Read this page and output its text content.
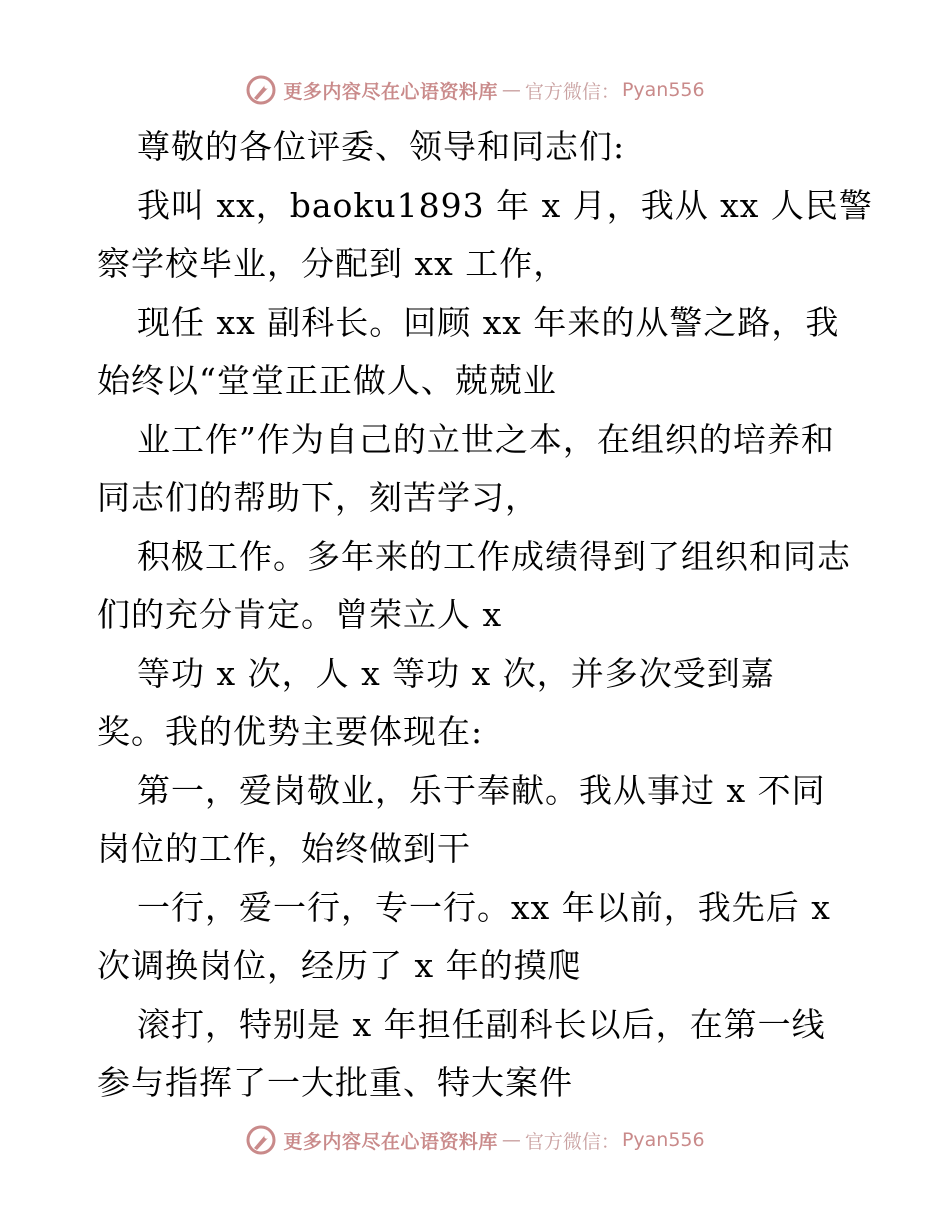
更多内容尽在心语资料库 — 官方微信： Pyan556
尊敬的各位评委、领导和同志们:
我叫 xx，baoku1893 年 x 月，我从 xx 人民警
察学校毕业，分配到 xx 工作，
现任 xx 副科长。回顾 xx 年来的从警之路，我
始终以“堂堂正正做人、兢兢业
业工作”作为自己的立世之本，在组织的培养和
同志们的帮助下，刻苦学习，
积极工作。多年来的工作成绩得到了组织和同志
们的充分肯定。曾荣立人 x
等功 x 次，人 x 等功 x 次，并多次受到嘉
奖。我的优势主要体现在:
第一，爱岗敬业，乐于奉献。我从事过 x 不同
岗位的工作，始终做到干
一行，爱一行，专一行。xx 年以前，我先后 x
次调换岗位，经历了 x 年的摸爬
滚打，特别是 x 年担任副科长以后，在第一线
参与指挥了一大批重、特大案件
更多内容尽在心语资料库 — 官方微信： Pyan556
